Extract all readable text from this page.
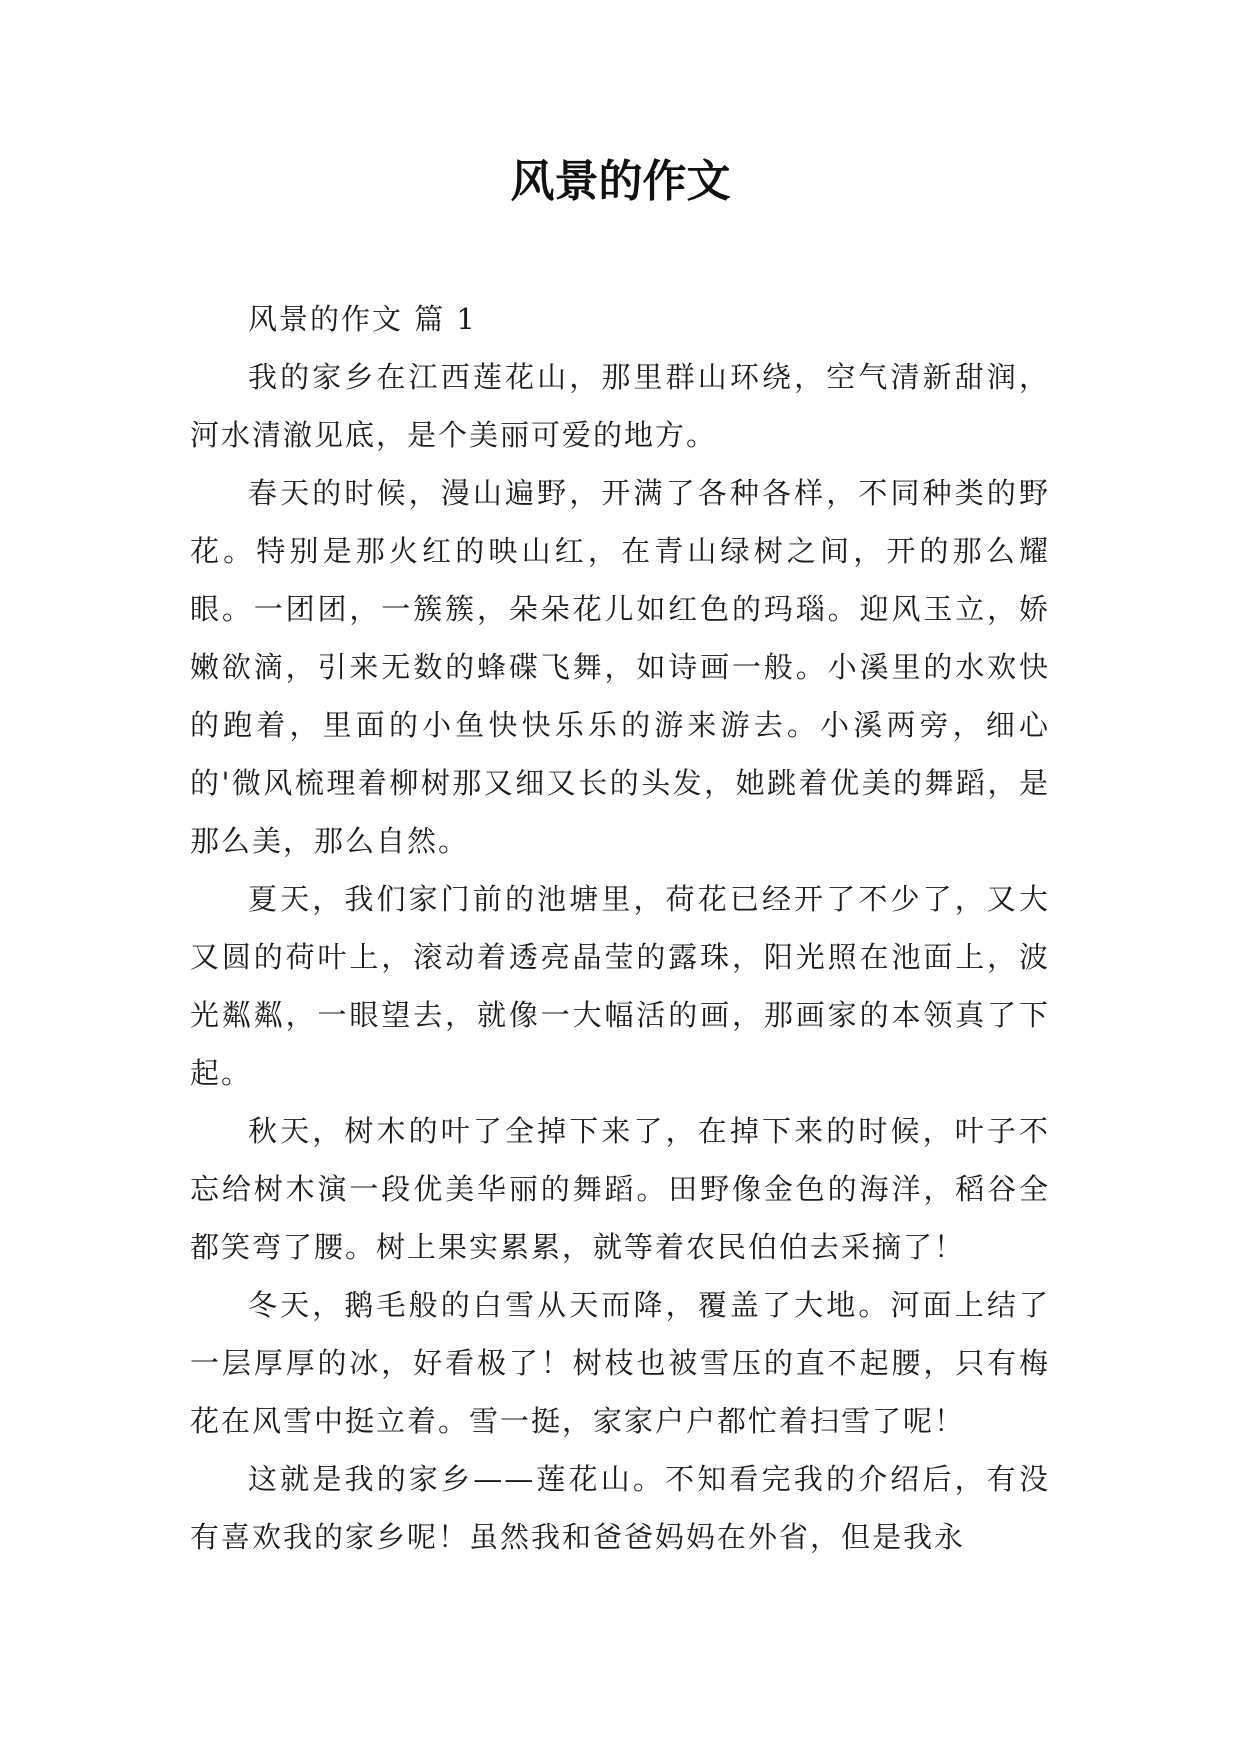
风景的作文

风景的作文 篇 1

我的家乡在江西莲花山，那里群山环绕，空气清新甜润，河水清澈见底，是个美丽可爱的地方。

春天的时候，漫山遍野，开满了各种各样，不同种类的野花。特别是那火红的映山红，在青山绿树之间，开的那么耀眼。一团团，一簇簇，朵朵花儿如红色的玛瑙。迎风玉立，娇嫩欲滴，引来无数的蜂碟飞舞，如诗画一般。小溪里的水欢快的跑着，里面的小鱼快快乐乐的游来游去。小溪两旁，细心的'微风梳理着柳树那又细又长的头发，她跳着优美的舞蹈，是那么美，那么自然。

夏天，我们家门前的池塘里，荷花已经开了不少了，又大又圆的荷叶上，滚动着透亮晶莹的露珠，阳光照在池面上，波光粼粼，一眼望去，就像一大幅活的画，那画家的本领真了下起。

秋天，树木的叶了全掉下来了，在掉下来的时候，叶子不忘给树木演一段优美华丽的舞蹈。田野像金色的海洋，稻谷全都笑弯了腰。树上果实累累，就等着农民伯伯去采摘了！

冬天，鹅毛般的白雪从天而降，覆盖了大地。河面上结了一层厚厚的冰，好看极了！树枝也被雪压的直不起腰，只有梅花在风雪中挺立着。雪一挺，家家户户都忙着扫雪了呢！

这就是我的家乡——莲花山。不知看完我的介绍后，有没有喜欢我的家乡呢！虽然我和爸爸妈妈在外省，但是我永
